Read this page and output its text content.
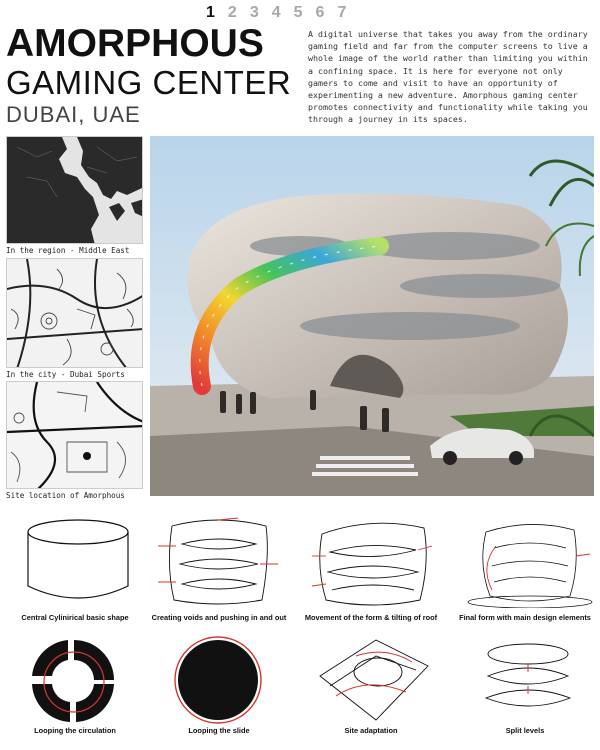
1 2 3 4 5 6 7
AMORPHOUS
GAMING CENTER
DUBAI, UAE
A digital universe that takes you away from the ordinary gaming field and far from the computer screens to live a whole image of the world rather than limiting you within a confining space. It is here for everyone not only gamers to come and visit to have an opportunity of experimenting a new adventure. Amorphous gaming center promotes connectivity and functionality while taking you through a journey in its spaces.
In the region - Middle East
In the city - Dubai Sports
Site location of Amorphous
Central Cylinirical basic shape	Creating voids and pushing in and out	Movement of the form & tilting of roof	Final form with main design elements
Looping the circulation	Looping the slide	Site adaptation	Split levels
